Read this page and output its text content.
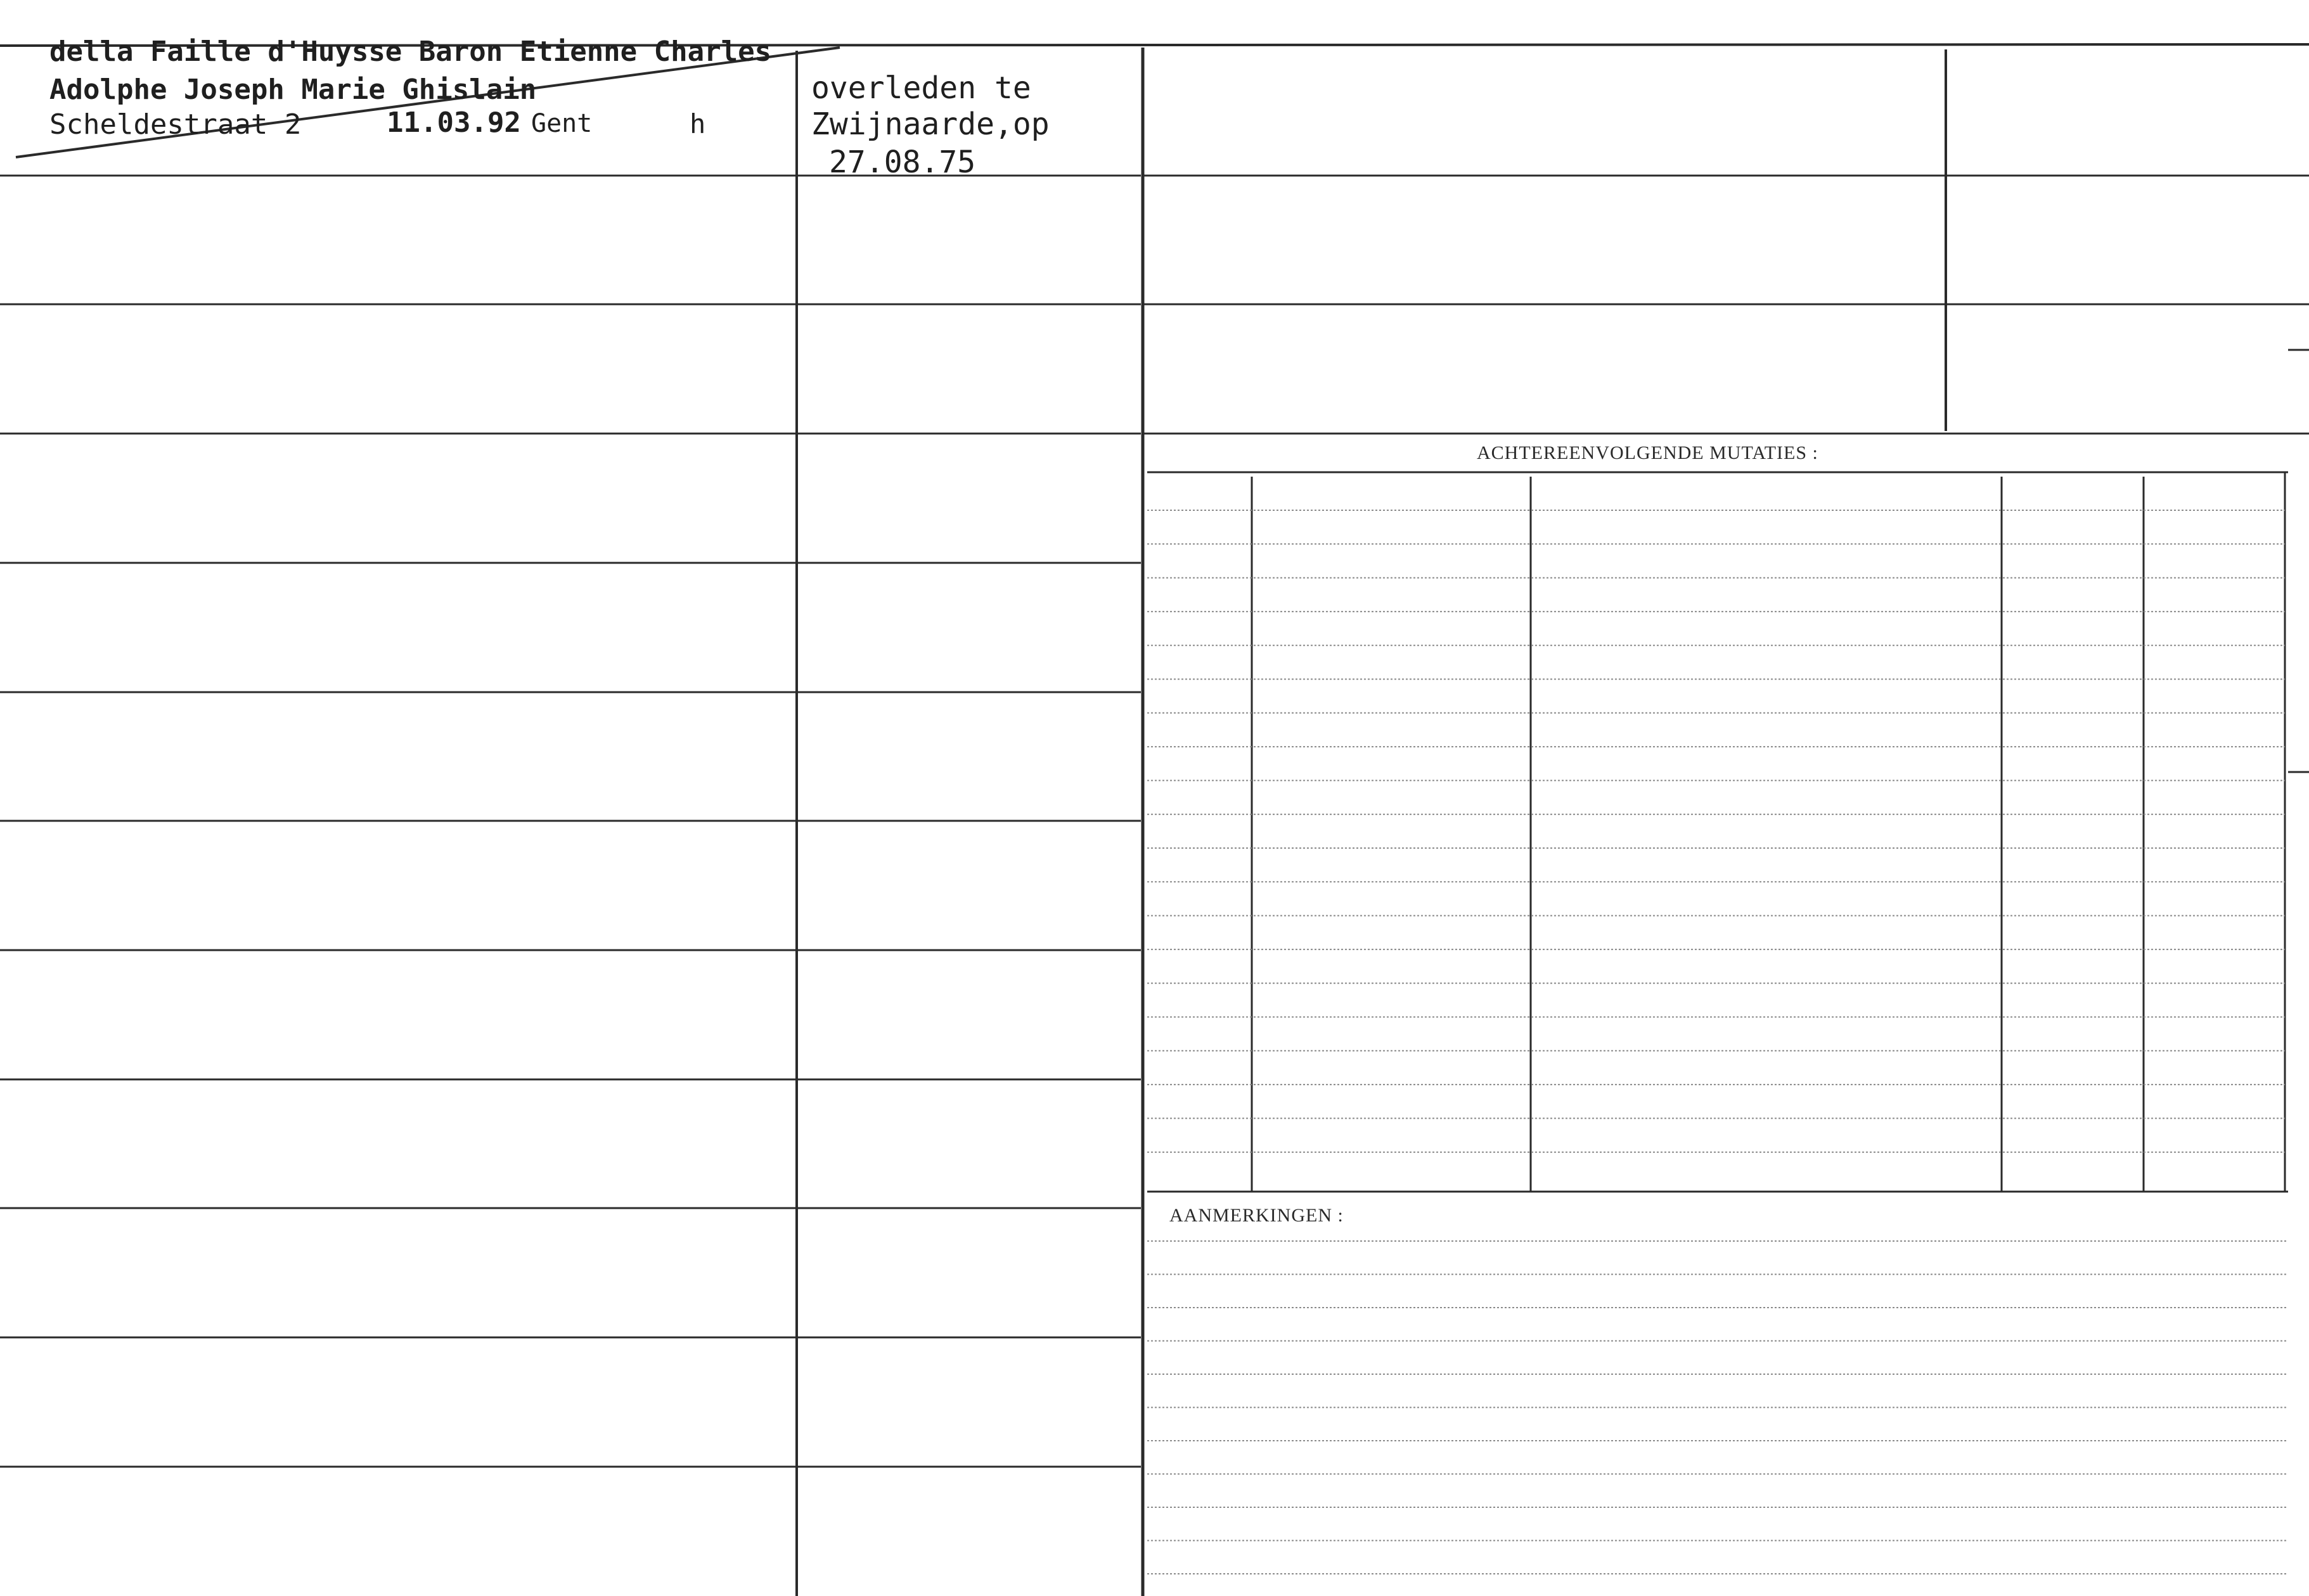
della Faille d'Huysse Baron Etienne Charles
Adolphe Joseph Marie Ghislain
Scheldestraat 2	11.03.92 Gent	h
overleden te
Zwijnaarde,op
27.08.75
ACHTEREENVOLGENDE MUTATIES :
AANMERKINGEN :
